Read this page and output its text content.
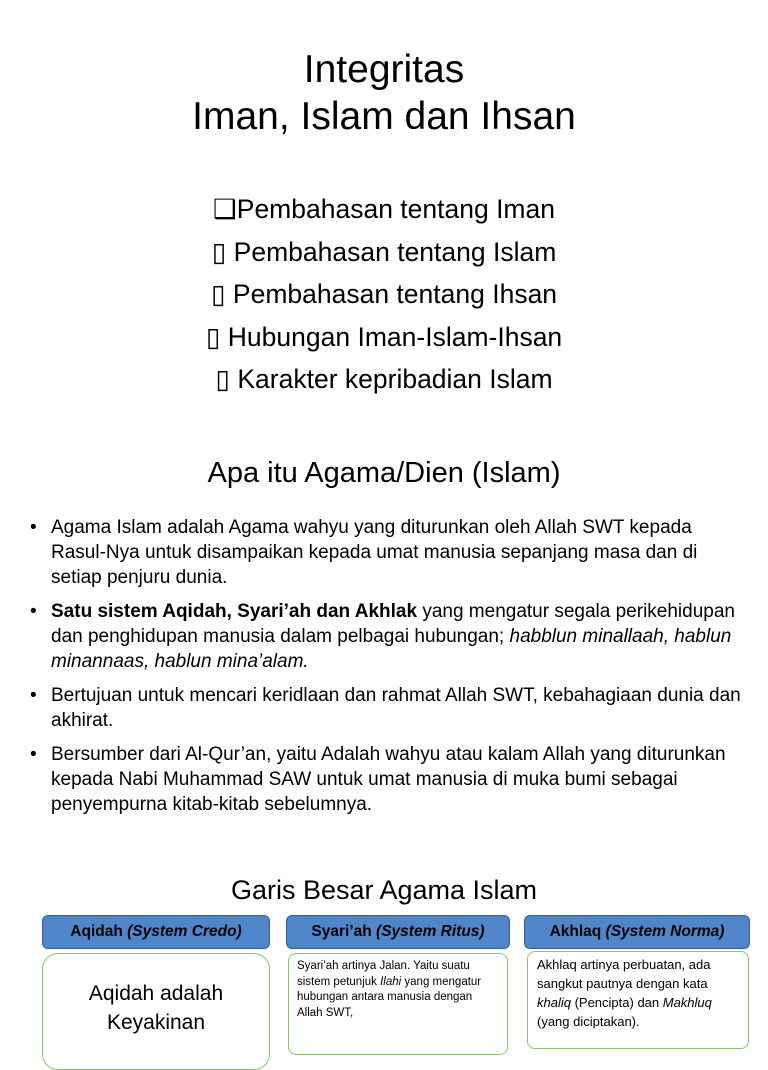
Integritas
Iman, Islam dan Ihsan
❑Pembahasan tentang Iman
▯ Pembahasan tentang Islam
▯ Pembahasan tentang Ihsan
▯ Hubungan Iman-Islam-Ihsan
▯ Karakter kepribadian Islam
Apa itu Agama/Dien (Islam)
• Agama Islam adalah Agama wahyu yang diturunkan oleh Allah SWT kepada Rasul-Nya untuk disampaikan kepada umat manusia sepanjang masa dan di setiap penjuru dunia.
• Satu sistem Aqidah, Syari’ah dan Akhlak yang mengatur segala perikehidupan dan penghidupan manusia dalam pelbagai hubungan; habblun minallaah, hablun minannaas, hablun mina’alam.
• Bertujuan untuk mencari keridlaan dan rahmat Allah SWT, kebahagiaan dunia dan akhirat.
• Bersumber dari Al-Qur’an, yaitu Adalah wahyu atau kalam Allah yang diturunkan kepada Nabi Muhammad SAW untuk umat manusia di muka bumi sebagai penyempurna kitab-kitab sebelumnya.
Garis Besar Agama Islam
Aqidah (System Credo)	Syari’ah (System Ritus)	Akhlaq (System Norma)
Aqidah adalah
Keyakinan
Syari’ah artinya Jalan. Yaitu suatu sistem petunjuk Ilahi yang mengatur hubungan antara manusia dengan Allah SWT,
Akhlaq artinya perbuatan, ada sangkut pautnya dengan kata khaliq (Pencipta) dan Makhluq (yang diciptakan).
